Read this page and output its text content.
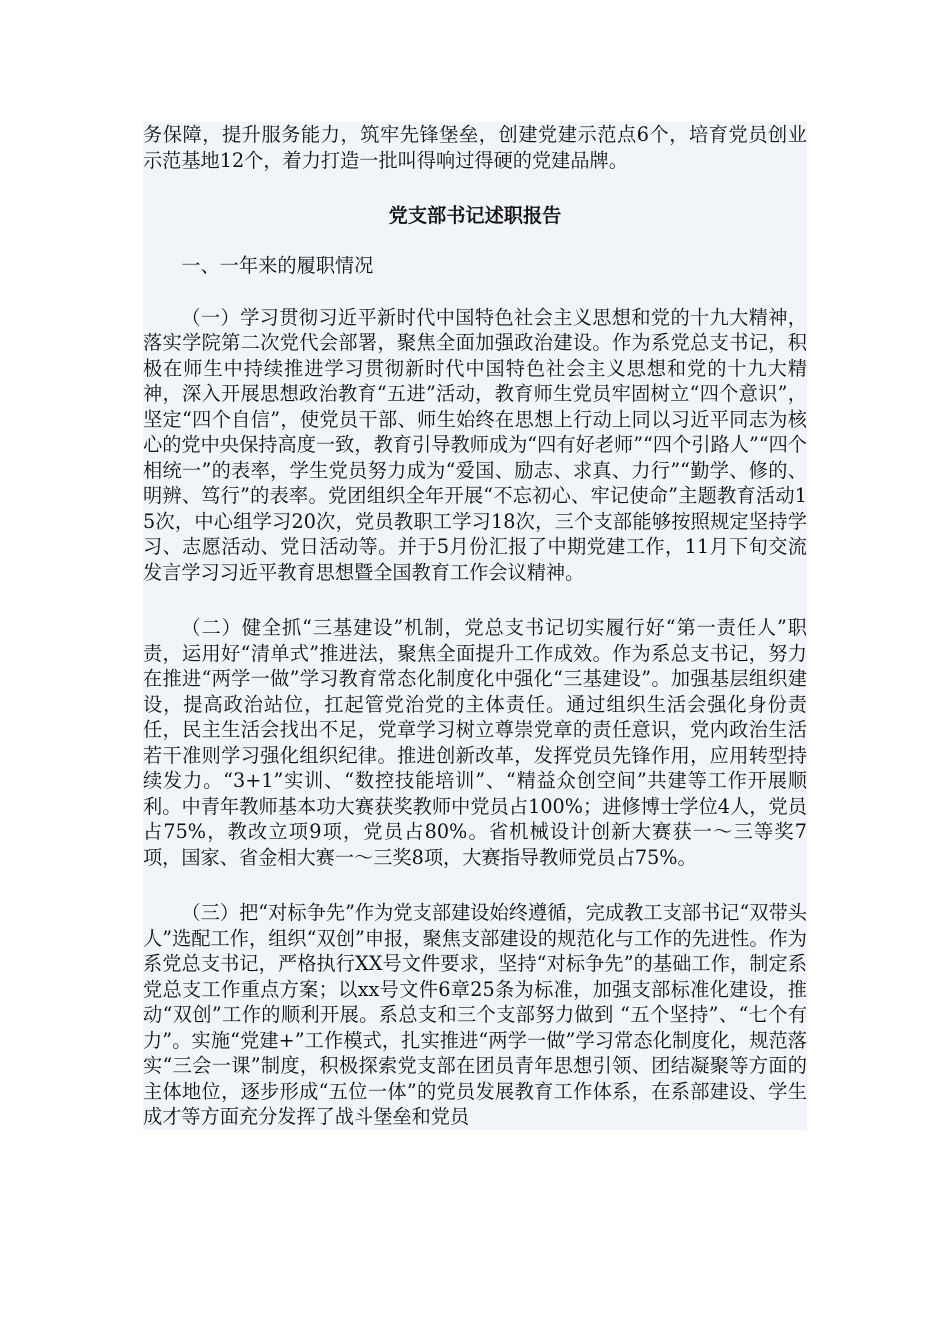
务保障，提升服务能力，筑牢先锋堡垒，创建党建示范点6个，培育党员创业示范基地12个，着力打造一批叫得响过得硬的党建品牌。

党支部书记述职报告

一、一年来的履职情况

（一）学习贯彻习近平新时代中国特色社会主义思想和党的十九大精神，落实学院第二次党代会部署，聚焦全面加强政治建设。作为系党总支书记，积极在师生中持续推进学习贯彻新时代中国特色社会主义思想和党的十九大精神，深入开展思想政治教育“五进”活动，教育师生党员牢固树立“四个意识”，坚定“四个自信”，使党员干部、师生始终在思想上行动上同以习近平同志为核心的党中央保持高度一致，教育引导教师成为“四有好老师”“四个引路人”“四个相统一”的表率，学生党员努力成为“爱国、励志、求真、力行”“勤学、修的、明辨、笃行”的表率。党团组织全年开展“不忘初心、牢记使命”主题教育活动15次，中心组学习20次，党员教职工学习18次，三个支部能够按照规定坚持学习、志愿活动、党日活动等。并于5月份汇报了中期党建工作，11月下旬交流发言学习习近平教育思想暨全国教育工作会议精神。

（二）健全抓“三基建设”机制，党总支书记切实履行好“第一责任人”职责，运用好“清单式”推进法，聚焦全面提升工作成效。作为系总支书记，努力在推进“两学一做”学习教育常态化制度化中强化“三基建设”。加强基层组织建设，提高政治站位，扛起管党治党的主体责任。通过组织生活会强化身份责任，民主生活会找出不足，党章学习树立尊崇党章的责任意识，党内政治生活若干准则学习强化组织纪律。推进创新改革，发挥党员先锋作用，应用转型持续发力。“3+1”实训、“数控技能培训”、“精益众创空间”共建等工作开展顺利。中青年教师基本功大赛获奖教师中党员占100%；进修博士学位4人，党员占75%，教改立项9项，党员占80%。省机械设计创新大赛获一～三等奖7项，国家、省金相大赛一～三奖8项，大赛指导教师党员占75%。

（三）把“对标争先”作为党支部建设始终遵循，完成教工支部书记“双带头人”选配工作，组织“双创”申报，聚焦支部建设的规范化与工作的先进性。作为系党总支书记，严格执行XX号文件要求，坚持“对标争先”的基础工作，制定系党总支工作重点方案；以xx号文件6章25条为标准，加强支部标准化建设，推动“双创”工作的顺利开展。系总支和三个支部努力做到 “五个坚持”、“七个有力”。实施“党建+”工作模式，扎实推进“两学一做”学习常态化制度化，规范落实“三会一课”制度，积极探索党支部在团员青年思想引领、团结凝聚等方面的主体地位，逐步形成“五位一体”的党员发展教育工作体系，在系部建设、学生成才等方面充分发挥了战斗堡垒和党员
